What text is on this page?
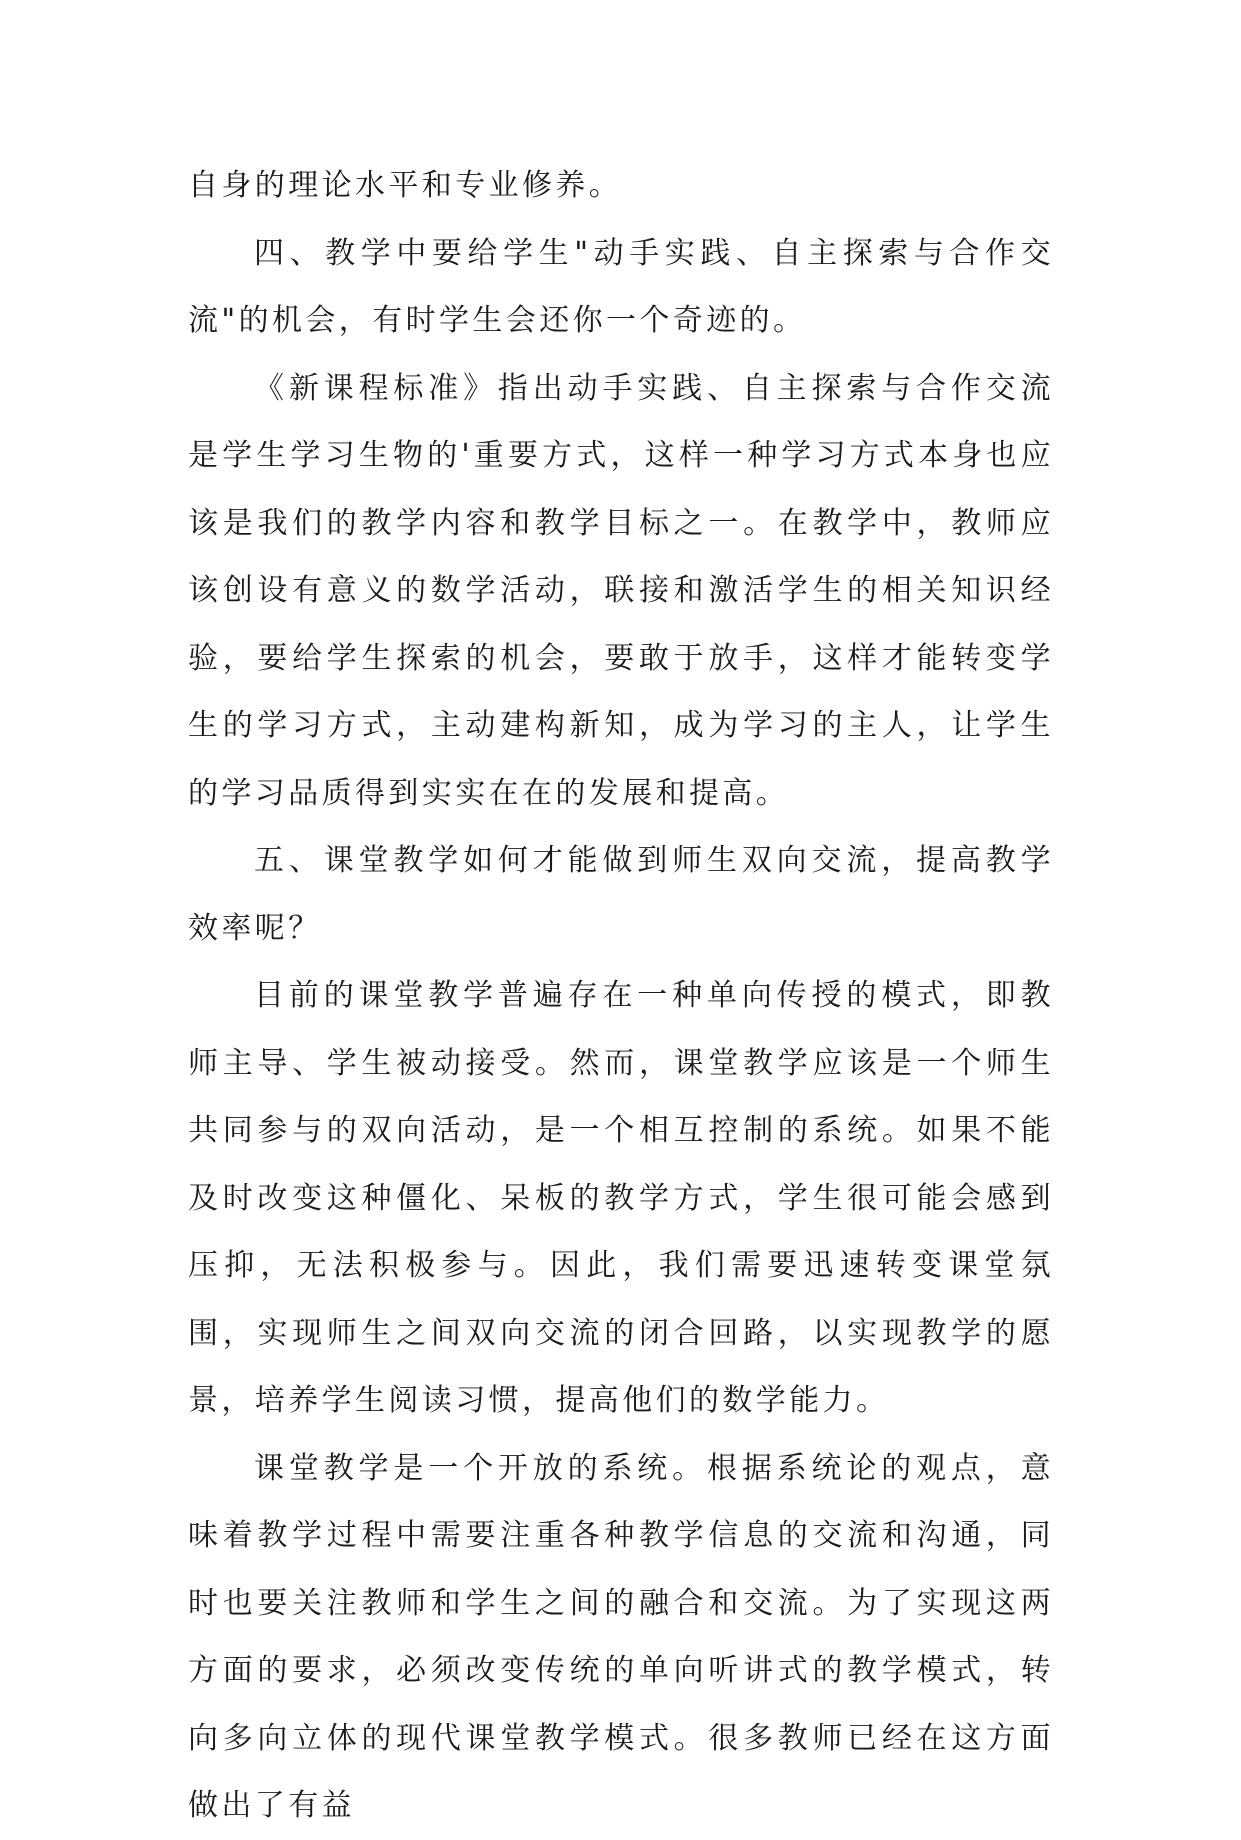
自身的理论水平和专业修养。

四、教学中要给学生"动手实践、自主探索与合作交流"的机会，有时学生会还你一个奇迹的。

《新课程标准》指出动手实践、自主探索与合作交流是学生学习生物的'重要方式，这样一种学习方式本身也应该是我们的教学内容和教学目标之一。在教学中，教师应该创设有意义的数学活动，联接和激活学生的相关知识经验，要给学生探索的机会，要敢于放手，这样才能转变学生的学习方式，主动建构新知，成为学习的主人，让学生的学习品质得到实实在在的发展和提高。

五、课堂教学如何才能做到师生双向交流，提高教学效率呢？

目前的课堂教学普遍存在一种单向传授的模式，即教师主导、学生被动接受。然而，课堂教学应该是一个师生共同参与的双向活动，是一个相互控制的系统。如果不能及时改变这种僵化、呆板的教学方式，学生很可能会感到压抑，无法积极参与。因此，我们需要迅速转变课堂氛围，实现师生之间双向交流的闭合回路，以实现教学的愿景，培养学生阅读习惯，提高他们的数学能力。

课堂教学是一个开放的系统。根据系统论的观点，意味着教学过程中需要注重各种教学信息的交流和沟通，同时也要关注教师和学生之间的融合和交流。为了实现这两方面的要求，必须改变传统的单向听讲式的教学模式，转向多向立体的现代课堂教学模式。很多教师已经在这方面做出了有益
